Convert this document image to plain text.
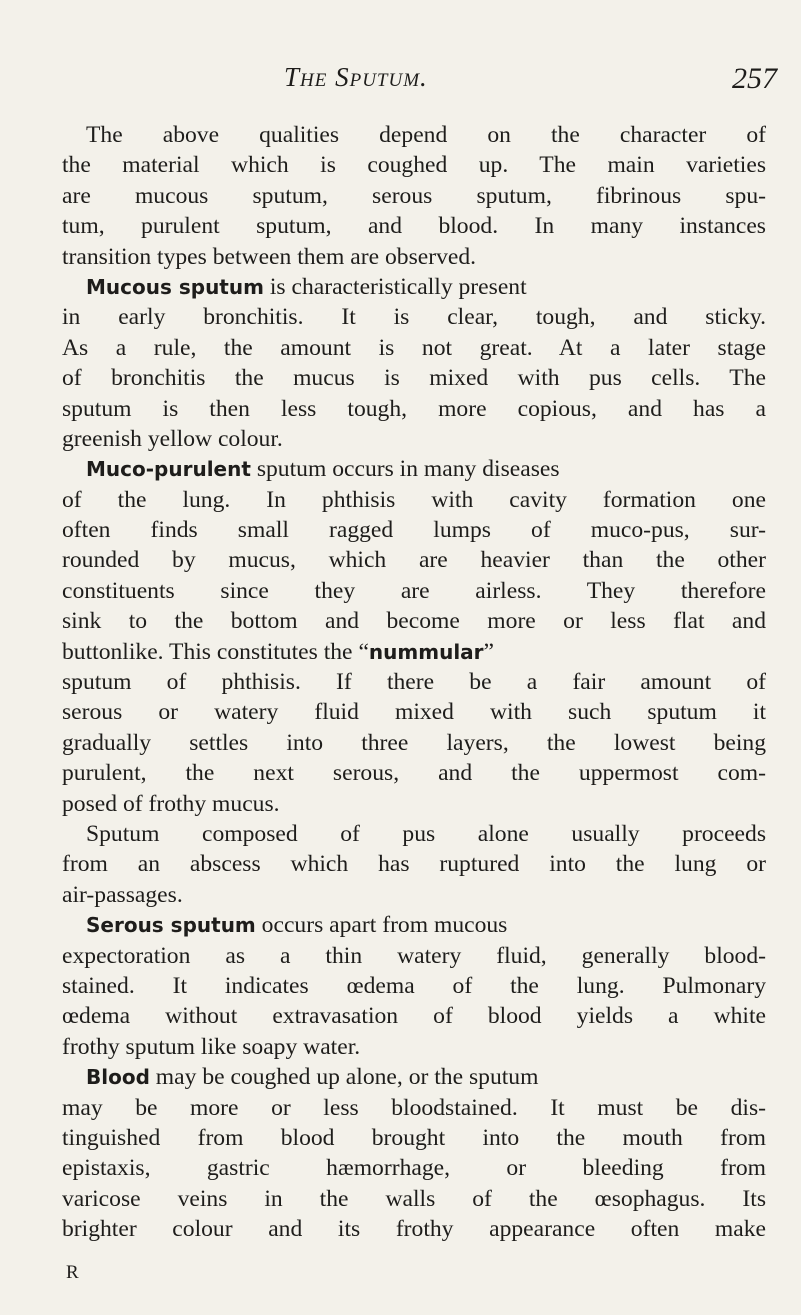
The Sputum.	257
The above qualities depend on the character of
the material which is coughed up. The main varieties
are mucous sputum, serous sputum, fibrinous spu-
tum, purulent sputum, and blood. In many instances
transition types between them are observed.
Mucous sputum is characteristically present
in early bronchitis. It is clear, tough, and sticky.
As a rule, the amount is not great. At a later stage
of bronchitis the mucus is mixed with pus cells. The
sputum is then less tough, more copious, and has a
greenish yellow colour.
Muco-purulent sputum occurs in many diseases
of the lung. In phthisis with cavity formation one
often finds small ragged lumps of muco-pus, sur-
rounded by mucus, which are heavier than the other
constituents since they are airless. They therefore
sink to the bottom and become more or less flat and
buttonlike. This constitutes the “nummular”
sputum of phthisis. If there be a fair amount of
serous or watery fluid mixed with such sputum it
gradually settles into three layers, the lowest being
purulent, the next serous, and the uppermost com-
posed of frothy mucus.
Sputum composed of pus alone usually proceeds
from an abscess which has ruptured into the lung or
air-passages.
Serous sputum occurs apart from mucous
expectoration as a thin watery fluid, generally blood-
stained. It indicates œdema of the lung. Pulmonary
œdema without extravasation of blood yields a white
frothy sputum like soapy water.
Blood may be coughed up alone, or the sputum
may be more or less bloodstained. It must be dis-
tinguished from blood brought into the mouth from
epistaxis, gastric hæmorrhage, or bleeding from
varicose veins in the walls of the œsophagus. Its
brighter colour and its frothy appearance often make
R
